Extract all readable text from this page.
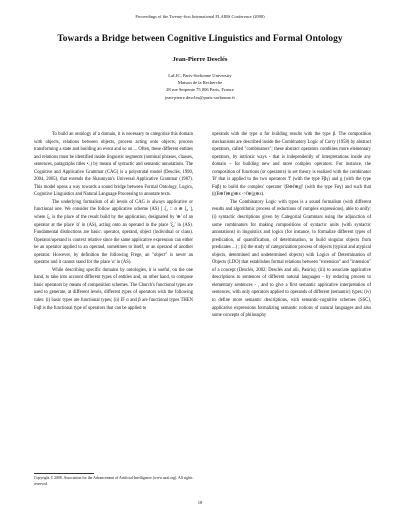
Proceedings of the Twenty-first International FLAIRS Conference (2008)
Towards a Bridge between Cognitive Linguistics and Formal Ontology
Jean-Pierre Desclés
LaLIC, Paris-Sorbonne University
Maison de la Recherche
28 rue Serpente 75 006 Paris, France
jean-pierre.descles@paris-sorbonne.fr

To build an ontology of a domain, it is necessary to categorize this domain with objects, relations between objects, process acting onto objects, process transforming a state and building an event and so on ... Often, these different entities and relations must be identified inside linguistic segments (nominal phrases, clauses, sentences, paragraphs titles •..) by means of syntactic and semantic annotations. The Cognitive and Applicative Grammar (CAG) is a polystratal model (Desclés, 1990, 2004, 2005), that extends the Shaumyan's Universal Applicative Grammar (1987). This model opens a way towards a sound bridge between Formal Ontology, Logics, Cognitive Linguistics and Natural Language Processing to annotate texts.

The underlying formalism of all levels of CAG is always applicative or functional one. We consider the follow applicative scheme (AS) [ ξ₁ :: α ⊕ ξ₂ ], where ξ₁ is the place of the result build by the application, designated by '⊕' of an operator at the place 'α' in (AS), acting onto an operand in the place 'ξ₂' in (AS). Fundamental distinctions are basic: operator, operand, object (individual or class). Operator/operand is context relative since the same applicative expression can either be an operator applied to an operand, sometimes to itself, or an operand of another operator. However, by definition the following Frege, an "object" is never an operator and it cannot stand for the place 'α' in (AS).

While describing specific domains by ontologies, it is useful, on the one hand, to take into account different types of entities and, on other hand, to compose basic operators by means of composition schemes. The Church's functional types are used to generate, at different levels, different types of operators with the following rules: (i) basic types are functional types; (ii) IF α and β are functional types THEN Fαβ is the functional type of operators that can be applied to

operands with the type α for building results with the type β. The composition mechanisms are described inside the Combinatory Logic of Curry (1958) by abstract operators, called "combinators"; these abstract operators combines more elementary operators, by intrinsic ways - that is independently of interpretations inside any domain – for building new and more complex operators. For instance, the composition of functions (or operators) in set theory is realized with the combinator 'B' that is applied to the two operators 'f' (with the type Fβγ) and g (with the type Fαβ) to build the complex' operator '(B⊕f⊕g)' (with the type Fαγ) and such that (((B⊕f)⊕g)⊕x ->f⊕(g⊕x).

The Combinatory Logic with types is a sound formalism (with different results and algorithmic process of reductions of complex expressions), able to unify: (i) syntactic descriptions given by Categorial Grammars using the adjunction of some combinators for making compositions of syntactic units (with syntactic annotations) in linguistics and logics (for instance, to formalize different types of predication, of quantification, of determination, to build singular objects from predicates ...) ; (ii) the study of categorization process of objects (typical and atypical objects, determined and undetermined objects) with Logics of Determination of Objects (LDO) that establishes formal relations between "extension" and "intension" of a concept (Desclés, 2002; Desclés and alii, Pasiris); (iii) to associate applicative descriptions to sentences of different natural languages - by reducing process to elementary sentences - , and to give a first semantic applicative interpretation of sentences, with only operators applied to operands of different (semantic) types; (iv) to define more semantic descriptions, with semantic-cognitive schemes (SSC), applicative expressions formalizing semantic notions of natural languages and also some concepts of philosophy

Copyright © 2008, Association for the Advancement of Artificial Intelligence (www.aaai.org). All rights reserved.
18
